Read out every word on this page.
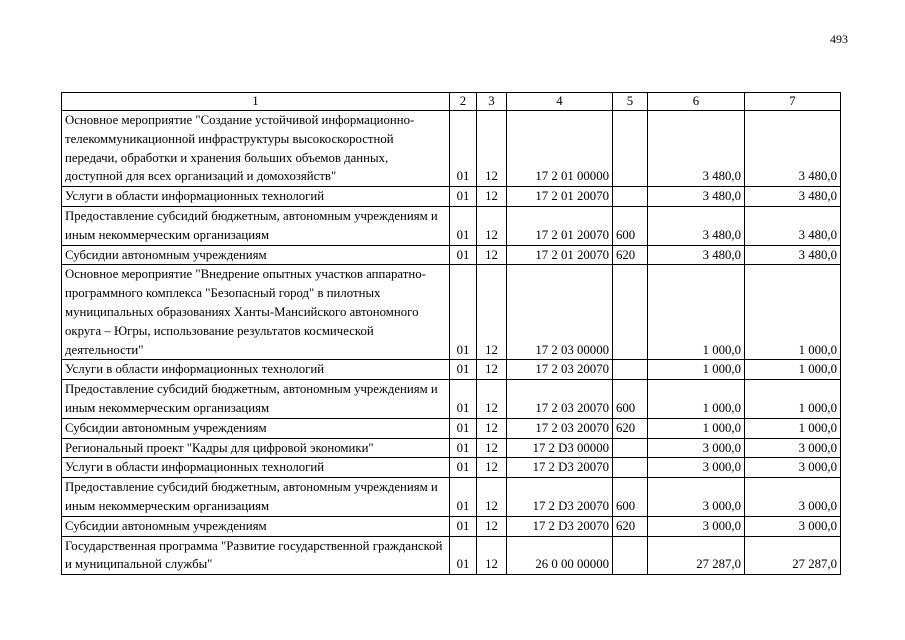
493
1	2	3	4	5	6	7
Основное мероприятие "Создание устойчивой информационно-телекоммуникационной инфраструктуры высокоскоростной передачи, обработки и хранения больших объемов данных, доступной для всех организаций и домохозяйств"	01	12	17 2 01 00000		3 480,0	3 480,0
Услуги в области информационных технологий	01	12	17 2 01 20070		3 480,0	3 480,0
Предоставление субсидий бюджетным, автономным учреждениям и иным некоммерческим организациям	01	12	17 2 01 20070	600	3 480,0	3 480,0
Субсидии автономным учреждениям	01	12	17 2 01 20070	620	3 480,0	3 480,0
Основное мероприятие "Внедрение опытных участков аппаратно-программного комплекса "Безопасный город" в пилотных муниципальных образованиях Ханты-Мансийского автономного округа – Югры, использование результатов космической деятельности"	01	12	17 2 03 00000		1 000,0	1 000,0
Услуги в области информационных технологий	01	12	17 2 03 20070		1 000,0	1 000,0
Предоставление субсидий бюджетным, автономным учреждениям и иным некоммерческим организациям	01	12	17 2 03 20070	600	1 000,0	1 000,0
Субсидии автономным учреждениям	01	12	17 2 03 20070	620	1 000,0	1 000,0
Региональный проект "Кадры для цифровой экономики"	01	12	17 2 D3 00000		3 000,0	3 000,0
Услуги в области информационных технологий	01	12	17 2 D3 20070		3 000,0	3 000,0
Предоставление субсидий бюджетным, автономным учреждениям и иным некоммерческим организациям	01	12	17 2 D3 20070	600	3 000,0	3 000,0
Субсидии автономным учреждениям	01	12	17 2 D3 20070	620	3 000,0	3 000,0
Государственная программа "Развитие государственной гражданской и муниципальной службы"	01	12	26 0 00 00000		27 287,0	27 287,0
